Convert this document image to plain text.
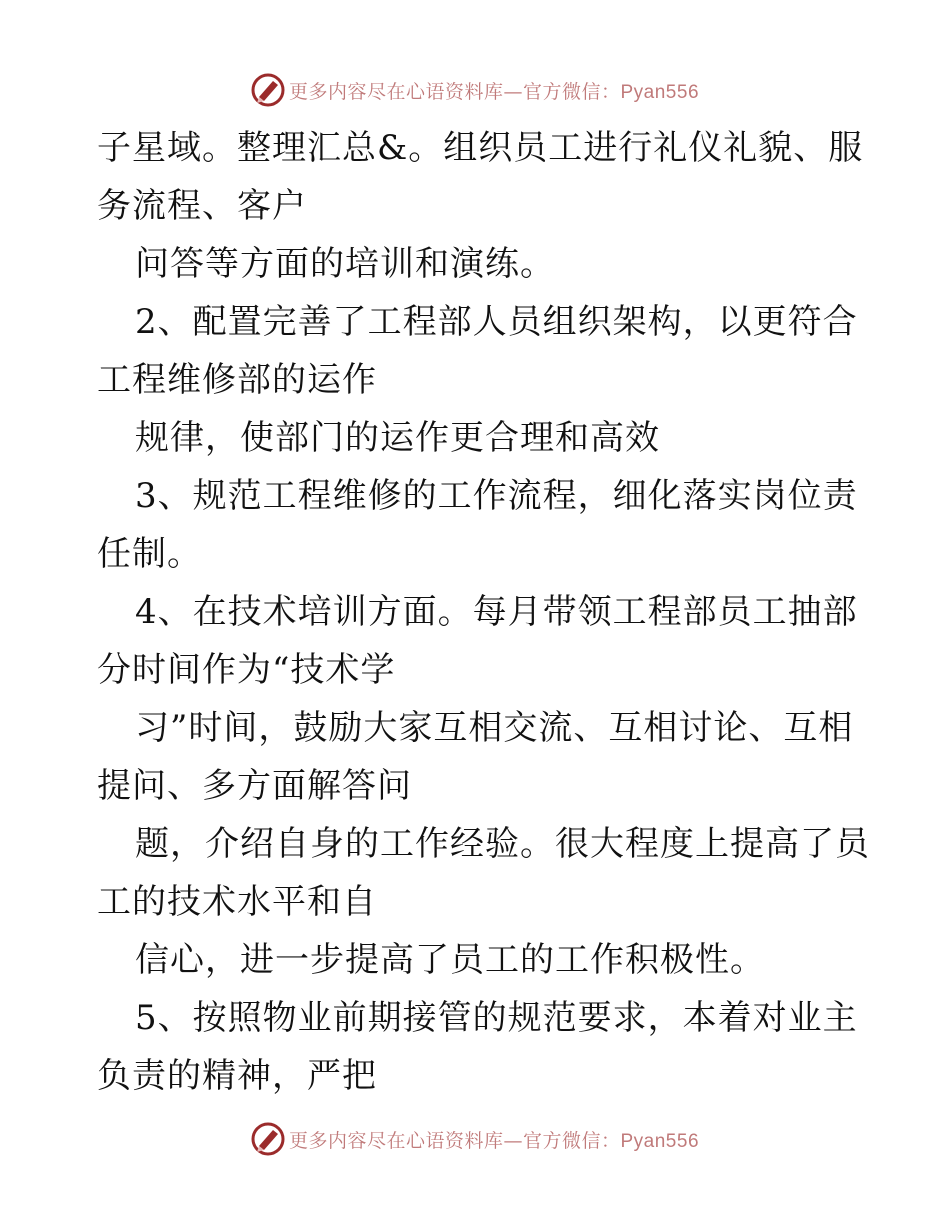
更多内容尽在心语资料库—官方微信：Pyan556
子星域。整理汇总&。组织员工进行礼仪礼貌、服
务流程、客户
问答等方面的培训和演练。
2、配置完善了工程部人员组织架构，以更符合
工程维修部的运作
规律，使部门的运作更合理和高效
3、规范工程维修的工作流程，细化落实岗位责
任制。
4、在技术培训方面。每月带领工程部员工抽部
分时间作为“技术学
习”时间，鼓励大家互相交流、互相讨论、互相
提问、多方面解答问
题，介绍自身的工作经验。很大程度上提高了员
工的技术水平和自
信心，进一步提高了员工的工作积极性。
5、按照物业前期接管的规范要求，本着对业主
负责的精神，严把
更多内容尽在心语资料库—官方微信：Pyan556
